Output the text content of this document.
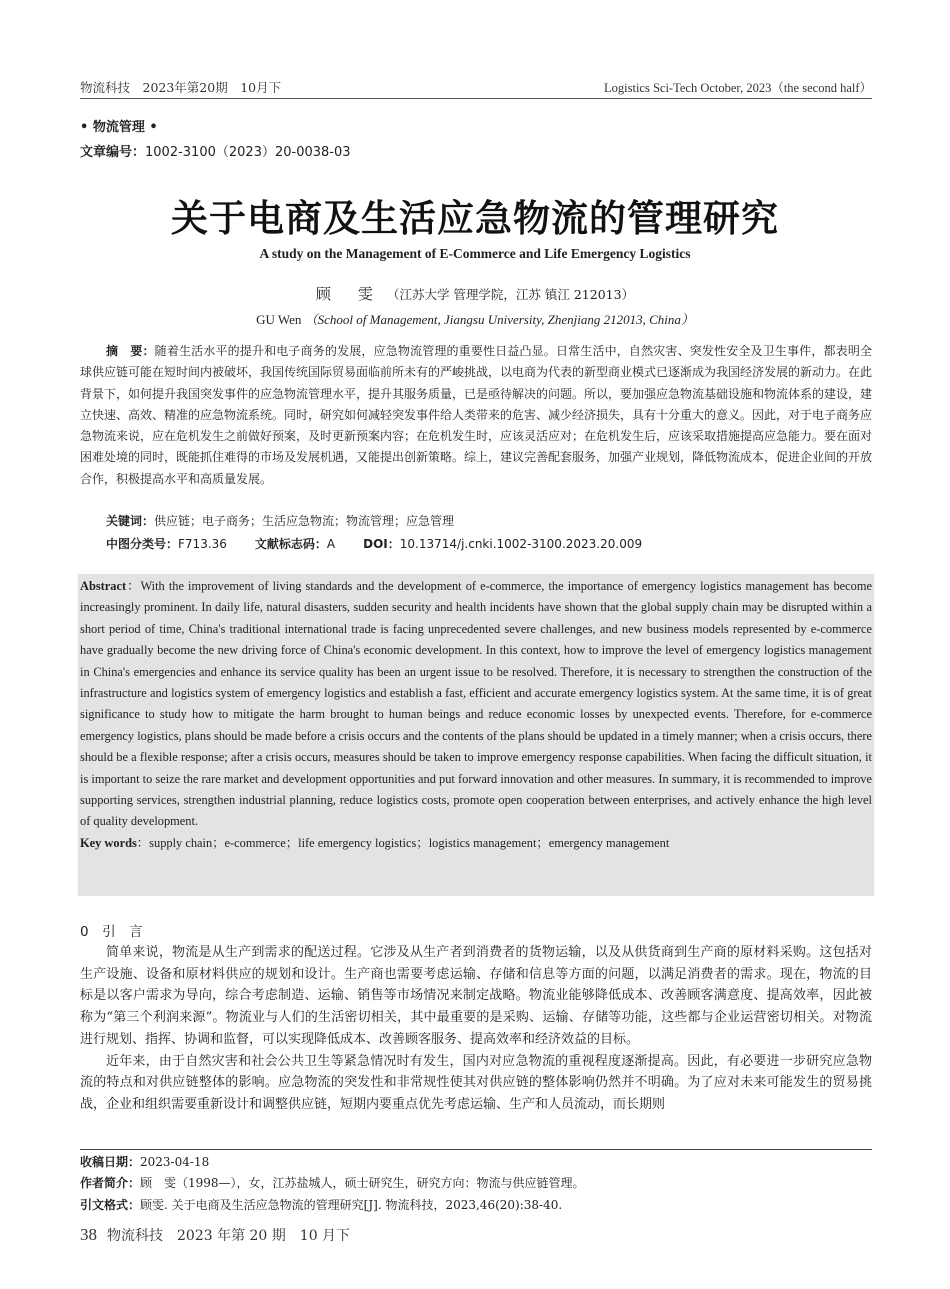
物流科技　2023年第20期　10月下	Logistics Sci-Tech October, 2023（the second half）
• 物流管理 •
文章编号：1002-3100（2023）20-0038-03
关于电商及生活应急物流的管理研究
A study on the Management of E-Commerce and Life Emergency Logistics
顾　雯 （江苏大学 管理学院，江苏 镇江 212013）
GU Wen （School of Management, Jiangsu University, Zhenjiang 212013, China）
摘　要：随着生活水平的提升和电子商务的发展，应急物流管理的重要性日益凸显。日常生活中，自然灾害、突发性安全及卫生事件，都表明全球供应链可能在短时间内被破坏，我国传统国际贸易面临前所未有的严峻挑战，以电商为代表的新型商业模式已逐渐成为我国经济发展的新动力。在此背景下，如何提升我国突发事件的应急物流管理水平，提升其服务质量，已是亟待解决的问题。所以，要加强应急物流基础设施和物流体系的建设，建立快速、高效、精准的应急物流系统。同时，研究如何减轻突发事件给人类带来的危害、减少经济损失，具有十分重大的意义。因此，对于电子商务应急物流来说，应在危机发生之前做好预案，及时更新预案内容；在危机发生时，应该灵活应对；在危机发生后，应该采取措施提高应急能力。要在面对困难处境的同时，既能抓住难得的市场及发展机遇，又能提出创新策略。综上，建议完善配套服务，加强产业规划，降低物流成本，促进企业间的开放合作，积极提高水平和高质量发展。
关键词：供应链；电子商务；生活应急物流；物流管理；应急管理
中图分类号：F713.36 文献标志码：A DOI：10.13714/j.cnki.1002-3100.2023.20.009

Abstract：With the improvement of living standards and the development of e-commerce, the importance of emergency logistics management has become increasingly prominent. In daily life, natural disasters, sudden security and health incidents have shown that the global supply chain may be disrupted within a short period of time, China's traditional international trade is facing unprecedented severe challenges, and new business models represented by e-commerce have gradually become the new driving force of China's economic development. In this context, how to improve the level of emergency logistics management in China's emergencies and enhance its service quality has been an urgent issue to be resolved. Therefore, it is necessary to strengthen the construction of the infrastructure and logistics system of emergency logistics and establish a fast, efficient and accurate emergency logistics system. At the same time, it is of great significance to study how to mitigate the harm brought to human beings and reduce economic losses by unexpected events. Therefore, for e-commerce emergency logistics, plans should be made before a crisis occurs and the contents of the plans should be updated in a timely manner; when a crisis occurs, there should be a flexible response; after a crisis occurs, measures should be taken to improve emergency response capabilities. When facing the difficult situation, it is important to seize the rare market and development opportunities and put forward innovation and other measures. In summary, it is recommended to improve supporting services, strengthen industrial planning, reduce logistics costs, promote open cooperation between enterprises, and actively enhance the high level of quality development.

Key words：supply chain；e-commerce；life emergency logistics；logistics management；emergency management

0　引　言

简单来说，物流是从生产到需求的配送过程。它涉及从生产者到消费者的货物运输，以及从供货商到生产商的原材料采购。这包括对生产设施、设备和原材料供应的规划和设计。生产商也需要考虑运输、存储和信息等方面的问题，以满足消费者的需求。现在，物流的目标是以客户需求为导向，综合考虑制造、运输、销售等市场情况来制定战略。物流业能够降低成本、改善顾客满意度、提高效率，因此被称为“第三个利润来源”。物流业与人们的生活密切相关，其中最重要的是采购、运输、存储等功能，这些都与企业运营密切相关。对物流进行规划、指挥、协调和监督，可以实现降低成本、改善顾客服务、提高效率和经济效益的目标。

近年来，由于自然灾害和社会公共卫生等紧急情况时有发生，国内对应急物流的重视程度逐渐提高。因此，有必要进一步研究应急物流的特点和对供应链整体的影响。应急物流的突发性和非常规性使其对供应链的整体影响仍然并不明确。为了应对未来可能发生的贸易挑战，企业和组织需要重新设计和调整供应链，短期内要重点优先考虑运输、生产和人员流动，而长期则

收稿日期：2023-04-18
作者简介：顾　雯（1998—），女，江苏盐城人，硕士研究生，研究方向：物流与供应链管理。
引文格式：顾雯. 关于电商及生活应急物流的管理研究[J]. 物流科技，2023,46(20):38-40.
38 物流科技　2023 年第 20 期　10 月下
